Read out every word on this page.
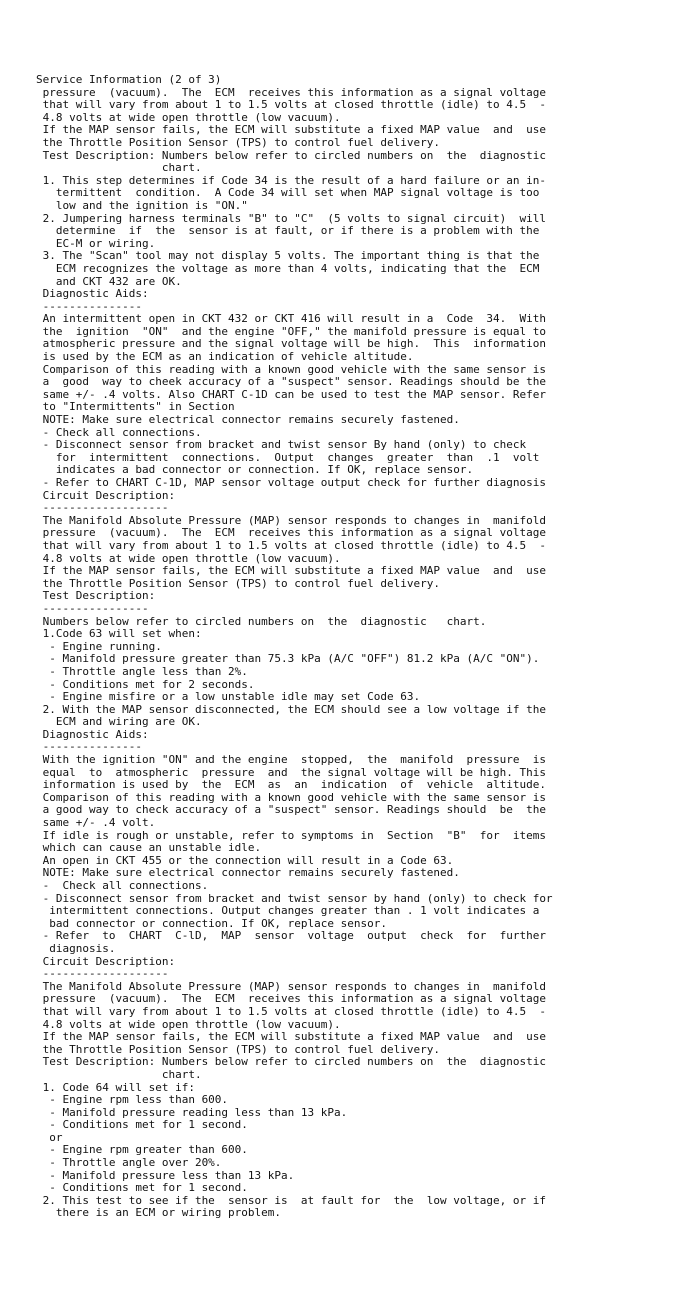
Service Information (2 of 3)
pressure  (vacuum).  The  ECM  receives this information as a signal voltage
that will vary from about 1 to 1.5 volts at closed throttle (idle) to 4.5  -
4.8 volts at wide open throttle (low vacuum).
If the MAP sensor fails, the ECM will substitute a fixed MAP value  and  use
the Throttle Position Sensor (TPS) to control fuel delivery.
Test Description: Numbers below refer to circled numbers on  the  diagnostic
chart.
1. This step determines if Code 34 is the result of a hard failure or an in-
termittent  condition.  A Code 34 will set when MAP signal voltage is too
low and the ignition is "ON."
2. Jumpering harness terminals "B" to "C"  (5 volts to signal circuit)  will
determine  if  the  sensor is at fault, or if there is a problem with the
EC-M or wiring.
3. The "Scan" tool may not display 5 volts. The important thing is that the
ECM recognizes the voltage as more than 4 volts, indicating that the  ECM
and CKT 432 are OK.
Diagnostic Aids:
---------------
An intermittent open in CKT 432 or CKT 416 will result in a  Code  34.  With
the  ignition  "ON"  and the engine "OFF," the manifold pressure is equal to
atmospheric pressure and the signal voltage will be high.  This  information
is used by the ECM as an indication of vehicle altitude.
Comparison of this reading with a known good vehicle with the same sensor is
a  good  way to cheek accuracy of a "suspect" sensor. Readings should be the
same +/- .4 volts. Also CHART C-1D can be used to test the MAP sensor. Refer
to "Intermittents" in Section
NOTE: Make sure electrical connector remains securely fastened.
- Check all connections.
- Disconnect sensor from bracket and twist sensor By hand (only) to check
for  intermittent  connections.  Output  changes  greater  than  .1  volt
indicates a bad connector or connection. If OK, replace sensor.
- Refer to CHART C-1D, MAP sensor voltage output check for further diagnosis
Circuit Description:
-------------------
The Manifold Absolute Pressure (MAP) sensor responds to changes in  manifold
pressure  (vacuum).  The  ECM  receives this information as a signal voltage
that will vary from about 1 to 1.5 volts at closed throttle (idle) to 4.5  -
4.8 volts at wide open throttle (low vacuum).
If the MAP sensor fails, the ECM will substitute a fixed MAP value  and  use
the Throttle Position Sensor (TPS) to control fuel delivery.
Test Description:
----------------
Numbers below refer to circled numbers on  the  diagnostic   chart.
1.Code 63 will set when:
- Engine running.
- Manifold pressure greater than 75.3 kPa (A/C "OFF") 81.2 kPa (A/C "ON").
- Throttle angle less than 2%.
- Conditions met for 2 seconds.
- Engine misfire or a low unstable idle may set Code 63.
2. With the MAP sensor disconnected, the ECM should see a low voltage if the
ECM and wiring are OK.
Diagnostic Aids:
---------------
With the ignition "ON" and the engine  stopped,  the  manifold  pressure  is
equal  to  atmospheric  pressure  and  the signal voltage will be high. This
information is used by  the  ECM  as  an  indication  of  vehicle  altitude.
Comparison of this reading with a known good vehicle with the same sensor is
a good way to check accuracy of a "suspect" sensor. Readings should  be  the
same +/- .4 volt.
If idle is rough or unstable, refer to symptoms in  Section  "B"  for  items
which can cause an unstable idle.
An open in CKT 455 or the connection will result in a Code 63.
NOTE: Make sure electrical connector remains securely fastened.
-  Check all connections.
- Disconnect sensor from bracket and twist sensor by hand (only) to check for
intermittent connections. Output changes greater than . 1 volt indicates a
bad connector or connection. If OK, replace sensor.
- Refer  to  CHART  C-lD,  MAP  sensor  voltage  output  check  for  further
diagnosis.
Circuit Description:
-------------------
The Manifold Absolute Pressure (MAP) sensor responds to changes in  manifold
pressure  (vacuum).  The  ECM  receives this information as a signal voltage
that will vary from about 1 to 1.5 volts at closed throttle (idle) to 4.5  -
4.8 volts at wide open throttle (low vacuum).
If the MAP sensor fails, the ECM will substitute a fixed MAP value  and  use
the Throttle Position Sensor (TPS) to control fuel delivery.
Test Description: Numbers below refer to circled numbers on  the  diagnostic
chart.
1. Code 64 will set if:
- Engine rpm less than 600.
- Manifold pressure reading less than 13 kPa.
- Conditions met for 1 second.
or
- Engine rpm greater than 600.
- Throttle angle over 20%.
- Manifold pressure less than 13 kPa.
- Conditions met for 1 second.
2. This test to see if the  sensor is  at fault for  the  low voltage, or if
there is an ECM or wiring problem.
